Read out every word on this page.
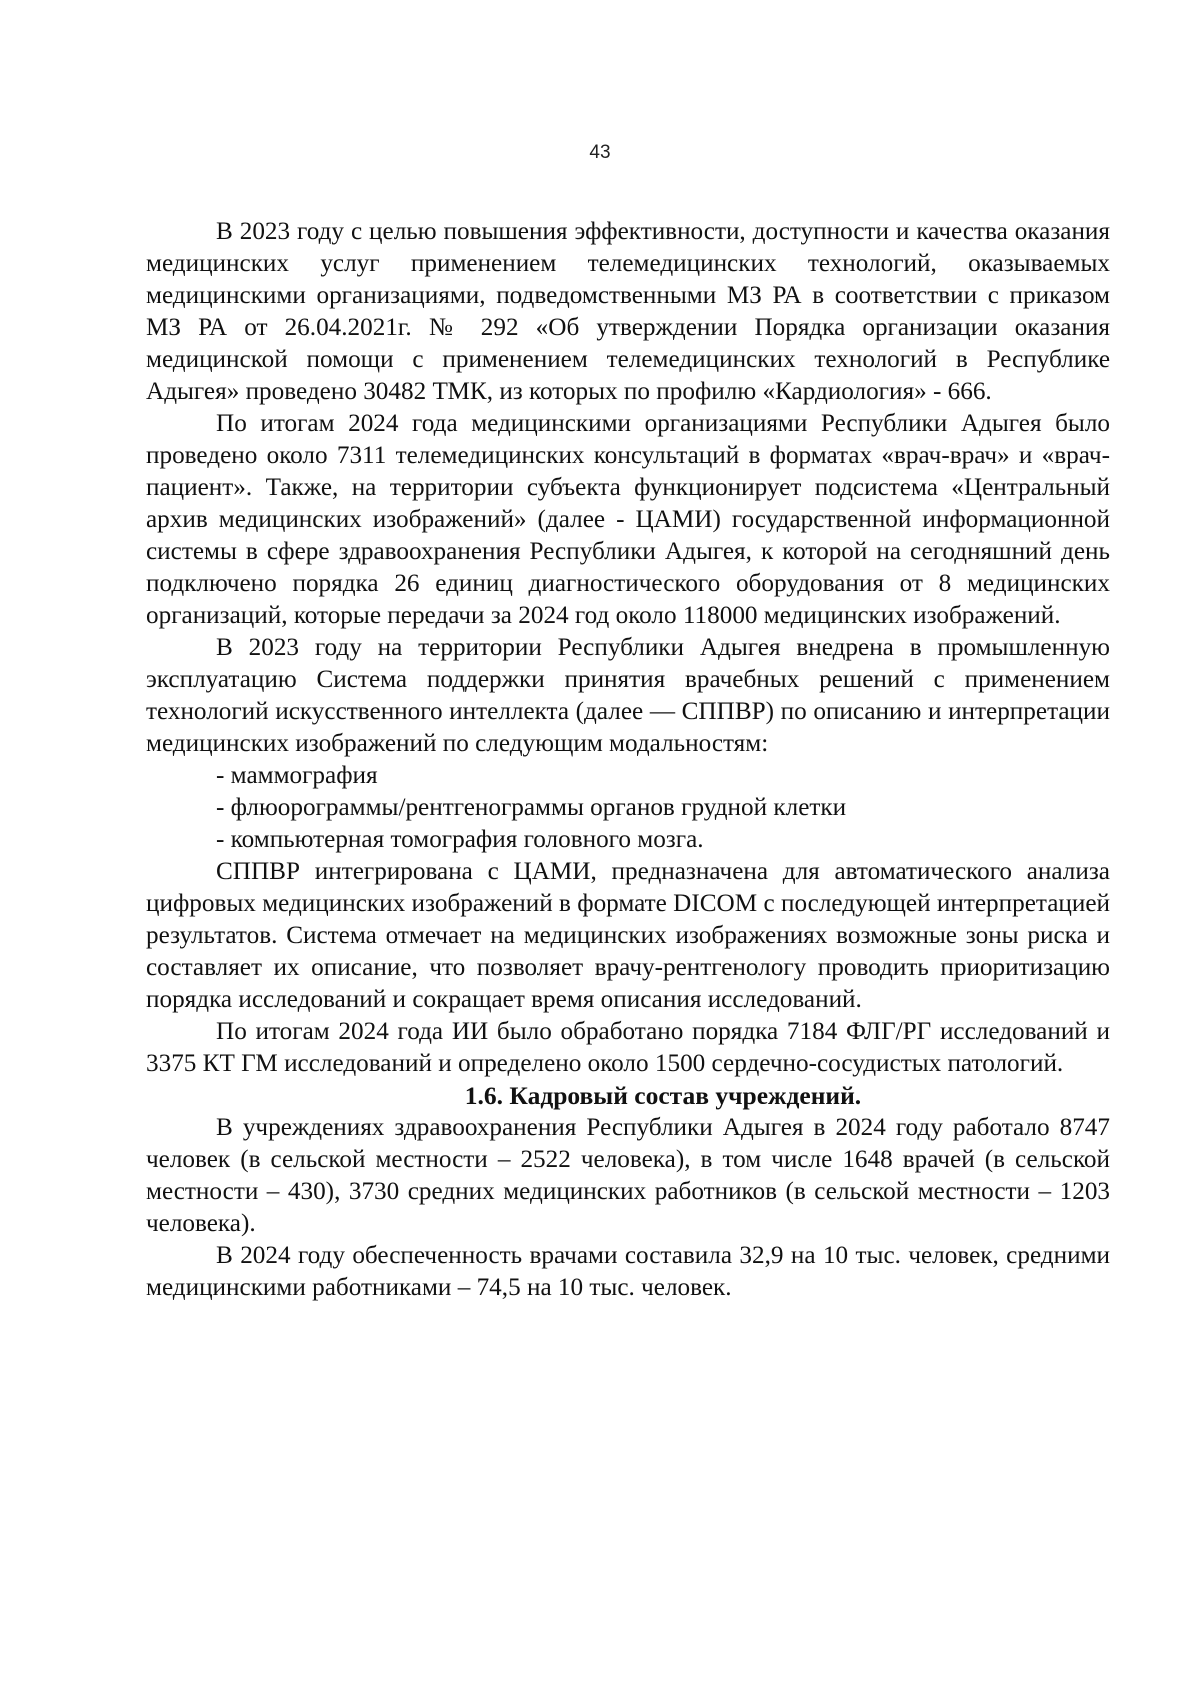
43

В 2023 году с целью повышения эффективности, доступности и качества оказания медицинских услуг применением телемедицинских технологий, оказываемых медицинскими организациями, подведомственными МЗ РА в соответствии с приказом МЗ РА от 26.04.2021г. № 292 «Об утверждении Порядка организации оказания медицинской помощи с применением телемедицинских технологий в Республике Адыгея» проведено 30482 ТМК, из которых по профилю «Кардиология» - 666.

По итогам 2024 года медицинскими организациями Республики Адыгея было проведено около 7311 телемедицинских консультаций в форматах «врач-врач» и «врач-пациент». Также, на территории субъекта функционирует подсистема «Центральный архив медицинских изображений» (далее - ЦАМИ) государственной информационной системы в сфере здравоохранения Республики Адыгея, к которой на сегодняшний день подключено порядка 26 единиц диагностического оборудования от 8 медицинских организаций, которые передачи за 2024 год около 118000 медицинских изображений.

В 2023 году на территории Республики Адыгея внедрена в промышленную эксплуатацию Система поддержки принятия врачебных решений с применением технологий искусственного интеллекта (далее — СППВР) по описанию и интерпретации медицинских изображений по следующим модальностям:

- маммография
- флюорограммы/рентгенограммы органов грудной клетки
- компьютерная томография головного мозга.

СППВР интегрирована с ЦАМИ, предназначена для автоматического анализа цифровых медицинских изображений в формате DICOM с последующей интерпретацией результатов. Система отмечает на медицинских изображениях возможные зоны риска и составляет их описание, что позволяет врачу-рентгенологу проводить приоритизацию порядка исследований и сокращает время описания исследований.

По итогам 2024 года ИИ было обработано порядка 7184 ФЛГ/РГ исследований и 3375 КТ ГМ исследований и определено около 1500 сердечно-сосудистых патологий.

1.6. Кадровый состав учреждений.

В учреждениях здравоохранения Республики Адыгея в 2024 году работало 8747 человек (в сельской местности – 2522 человека), в том числе 1648 врачей (в сельской местности – 430), 3730 средних медицинских работников (в сельской местности – 1203 человека).

В 2024 году обеспеченность врачами составила 32,9 на 10 тыс. человек, средними медицинскими работниками – 74,5 на 10 тыс. человек.
